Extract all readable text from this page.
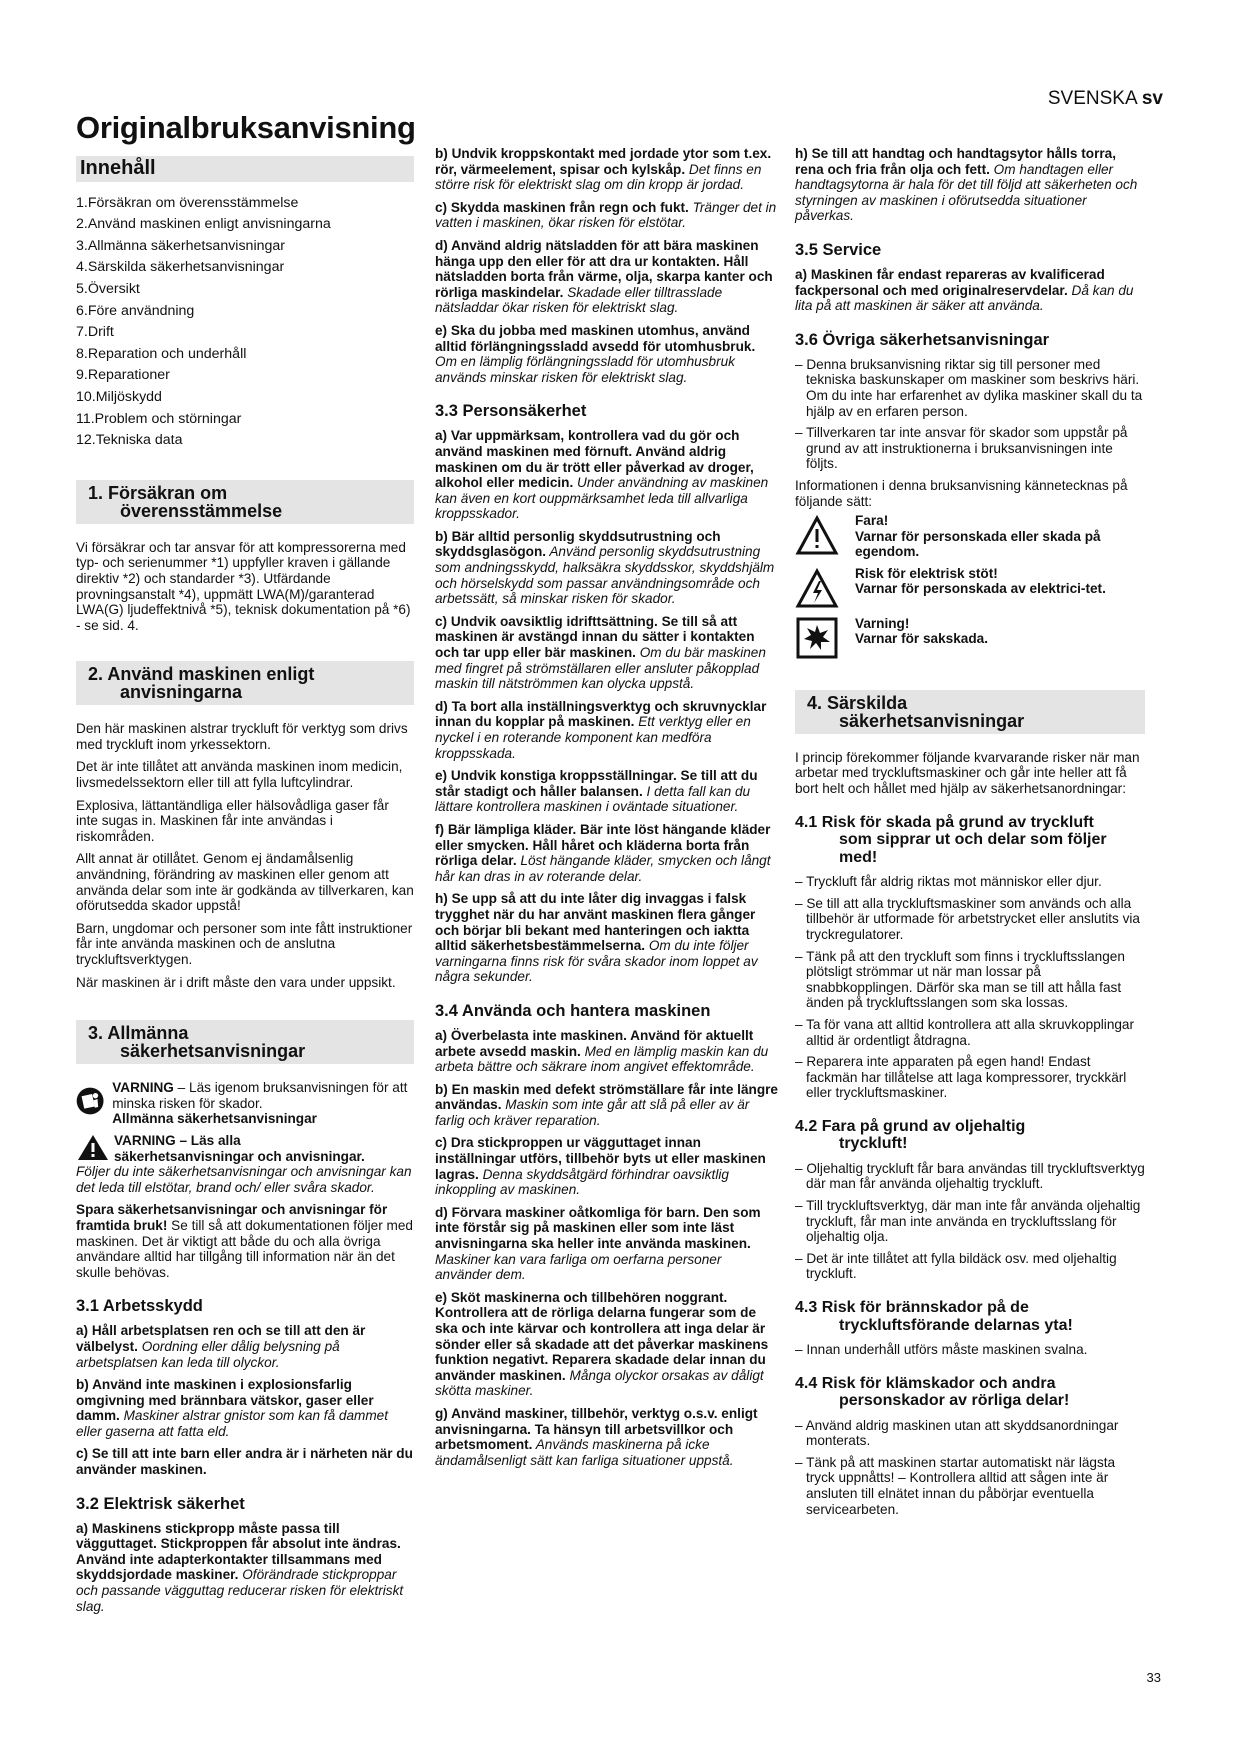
SVENSKA sv
Originalbruksanvisning
Innehåll
1.Försäkran om överensstämmelse
2.Använd maskinen enligt anvisningarna
3.Allmänna säkerhetsanvisningar
4.Särskilda säkerhetsanvisningar
5.Översikt
6.Före användning
7.Drift
8.Reparation och underhåll
9.Reparationer
10.Miljöskydd
11.Problem och störningar
12.Tekniska data
1. Försäkran om
överensstämmelse

Vi försäkrar och tar ansvar för att kompressorerna med typ- och serienummer *1) uppfyller kraven i gällande direktiv *2) och standarder *3). Utfärdande provningsanstalt *4), uppmätt LWA(M)/garanterad LWA(G) ljudeffektnivå *5), teknisk dokumentation på *6) - se sid. 4.

2. Använd maskinen enligt
anvisningarna

Den här maskinen alstrar tryckluft för verktyg som drivs med tryckluft inom yrkessektorn.

Det är inte tillåtet att använda maskinen inom medicin, livsmedelssektorn eller till att fylla luftcylindrar.

Explosiva, lättantändliga eller hälsovådliga gaser får inte sugas in. Maskinen får inte användas i riskområden.

Allt annat är otillåtet. Genom ej ändamålsenlig användning, förändring av maskinen eller genom att använda delar som inte är godkända av tillverkaren, kan oförutsedda skador uppstå!

Barn, ungdomar och personer som inte fått instruktioner får inte använda maskinen och de anslutna tryckluftsverktygen.

När maskinen är i drift måste den vara under uppsikt.

3. Allmänna
säkerhetsanvisningar
VARNING – Läs igenom bruksanvisningen för att minska risken för skador.
Allmänna säkerhetsanvisningar
VARNING – Läs alla
säkerhetsanvisningar och anvisningar.

Följer du inte säkerhetsanvisningar och anvisningar kan det leda till elstötar, brand och/ eller svåra skador.

Spara säkerhetsanvisningar och anvisningar för framtida bruk! Se till så att dokumentationen följer med maskinen. Det är viktigt att både du och alla övriga användare alltid har tillgång till information när än det skulle behövas.

3.1 Arbetsskydd

a) Håll arbetsplatsen ren och se till att den är välbelyst. Oordning eller dålig belysning på arbetsplatsen kan leda till olyckor.

b) Använd inte maskinen i explosionsfarlig omgivning med brännbara vätskor, gaser eller damm. Maskiner alstrar gnistor som kan få dammet eller gaserna att fatta eld.

c) Se till att inte barn eller andra är i närheten när du använder maskinen.

3.2 Elektrisk säkerhet

a) Maskinens stickpropp måste passa till vägguttaget. Stickproppen får absolut inte ändras. Använd inte adapterkontakter tillsammans med skyddsjordade maskiner. Oförändrade stickproppar och passande vägguttag reducerar risken för elektriskt slag.

b) Undvik kroppskontakt med jordade ytor som t.ex. rör, värmeelement, spisar och kylskåp. Det finns en större risk för elektriskt slag om din kropp är jordad.

c) Skydda maskinen från regn och fukt. Tränger det in vatten i maskinen, ökar risken för elstötar.

d) Använd aldrig nätsladden för att bära maskinen hänga upp den eller för att dra ur kontakten. Håll nätsladden borta från värme, olja, skarpa kanter och rörliga maskindelar. Skadade eller tilltrasslade nätsladdar ökar risken för elektriskt slag.

e) Ska du jobba med maskinen utomhus, använd alltid förlängningssladd avsedd för utomhusbruk. Om en lämplig förlängningssladd för utomhusbruk används minskar risken för elektriskt slag.

3.3 Personsäkerhet

a) Var uppmärksam, kontrollera vad du gör och använd maskinen med förnuft. Använd aldrig maskinen om du är trött eller påverkad av droger, alkohol eller medicin. Under användning av maskinen kan även en kort ouppmärksamhet leda till allvarliga kroppsskador.

b) Bär alltid personlig skyddsutrustning och skyddsglasögon. Använd personlig skyddsutrustning som andningsskydd, halksäkra skyddsskor, skyddshjälm och hörselskydd som passar användningsområde och arbetssätt, så minskar risken för skador.

c) Undvik oavsiktlig idrifttsättning. Se till så att maskinen är avstängd innan du sätter i kontakten och tar upp eller bär maskinen. Om du bär maskinen med fingret på strömställaren eller ansluter påkopplad maskin till nätströmmen kan olycka uppstå.

d) Ta bort alla inställningsverktyg och skruvnycklar innan du kopplar på maskinen. Ett verktyg eller en nyckel i en roterande komponent kan medföra kroppsskada.

e) Undvik konstiga kroppsställningar. Se till att du står stadigt och håller balansen. I detta fall kan du lättare kontrollera maskinen i oväntade situationer.

f) Bär lämpliga kläder. Bär inte löst hängande kläder eller smycken. Håll håret och kläderna borta från rörliga delar. Löst hängande kläder, smycken och långt hår kan dras in av roterande delar.

h) Se upp så att du inte låter dig invaggas i falsk trygghet när du har använt maskinen flera gånger och börjar bli bekant med hanteringen och iaktta alltid säkerhetsbestämmelserna. Om du inte följer varningarna finns risk för svåra skador inom loppet av några sekunder.

3.4 Använda och hantera maskinen

a) Överbelasta inte maskinen. Använd för aktuellt arbete avsedd maskin. Med en lämplig maskin kan du arbeta bättre och säkrare inom angivet effektområde.

b) En maskin med defekt strömställare får inte längre användas. Maskin som inte går att slå på eller av är farlig och kräver reparation.

c) Dra stickproppen ur vägguttaget innan inställningar utförs, tillbehör byts ut eller maskinen lagras. Denna skyddsåtgärd förhindrar oavsiktlig inkoppling av maskinen.

d) Förvara maskiner oåtkomliga för barn. Den som inte förstår sig på maskinen eller som inte läst anvisningarna ska heller inte använda maskinen. Maskiner kan vara farliga om oerfarna personer använder dem.

e) Sköt maskinerna och tillbehören noggrant. Kontrollera att de rörliga delarna fungerar som de ska och inte kärvar och kontrollera att inga delar är sönder eller så skadade att det påverkar maskinens funktion negativt. Reparera skadade delar innan du använder maskinen. Många olyckor orsakas av dåligt skötta maskiner.

g) Använd maskiner, tillbehör, verktyg o.s.v. enligt anvisningarna. Ta hänsyn till arbetsvillkor och arbetsmoment. Används maskinerna på icke ändamålsenligt sätt kan farliga situationer uppstå.

h) Se till att handtag och handtagsytor hålls torra, rena och fria från olja och fett. Om handtagen eller handtagsytorna är hala för det till följd att säkerheten och styrningen av maskinen i oförutsedda situationer påverkas.

3.5 Service

a) Maskinen får endast repareras av kvalificerad fackpersonal och med originalreservdelar. Då kan du lita på att maskinen är säker att använda.

3.6 Övriga säkerhetsanvisningar

– Denna bruksanvisning riktar sig till personer med tekniska baskunskaper om maskiner som beskrivs häri. Om du inte har erfarenhet av dylika maskiner skall du ta hjälp av en erfaren person.

– Tillverkaren tar inte ansvar för skador som uppstår på grund av att instruktionerna i bruksanvisningen inte följts.

Informationen i denna bruksanvisning kännetecknas på följande sätt:

Fara!
Varnar för personskada eller skada på egendom.
Risk för elektrisk stöt!
Varnar för personskada av elektrici-tet.
Varning!
Varnar för sakskada.
4. Särskilda
säkerhetsanvisningar

I princip förekommer följande kvarvarande risker när man arbetar med tryckluftsmaskiner och går inte heller att få bort helt och hållet med hjälp av säkerhetsanordningar:

4.1 Risk för skada på grund av tryckluft
som sipprar ut och delar som följer
med!

– Tryckluft får aldrig riktas mot människor eller djur.

– Se till att alla tryckluftsmaskiner som används och alla tillbehör är utformade för arbetstrycket eller anslutits via tryckregulatorer.

– Tänk på att den tryckluft som finns i tryckluftsslangen plötsligt strömmar ut när man lossar på snabbkopplingen. Därför ska man se till att hålla fast änden på tryckluftsslangen som ska lossas.

– Ta för vana att alltid kontrollera att alla skruvkopplingar alltid är ordentligt åtdragna.

– Reparera inte apparaten på egen hand! Endast fackmän har tillåtelse att laga kompressorer, tryckkärl eller tryckluftsmaskiner.

4.2 Fara på grund av oljehaltig
tryckluft!

– Oljehaltig tryckluft får bara användas till tryckluftsverktyg där man får använda oljehaltig tryckluft.

– Till tryckluftsverktyg, där man inte får använda oljehaltig tryckluft, får man inte använda en tryckluftsslang för oljehaltig olja.

– Det är inte tillåtet att fylla bildäck osv. med oljehaltig tryckluft.

4.3 Risk för brännskador på de
tryckluftsförande delarnas yta!

– Innan underhåll utförs måste maskinen svalna.

4.4 Risk för klämskador och andra
personskador av rörliga delar!

– Använd aldrig maskinen utan att skyddsanordningar monterats.

– Tänk på att maskinen startar automatiskt när lägsta tryck uppnåtts! – Kontrollera alltid att sågen inte är ansluten till elnätet innan du påbörjar eventuella servicearbeten.

33
